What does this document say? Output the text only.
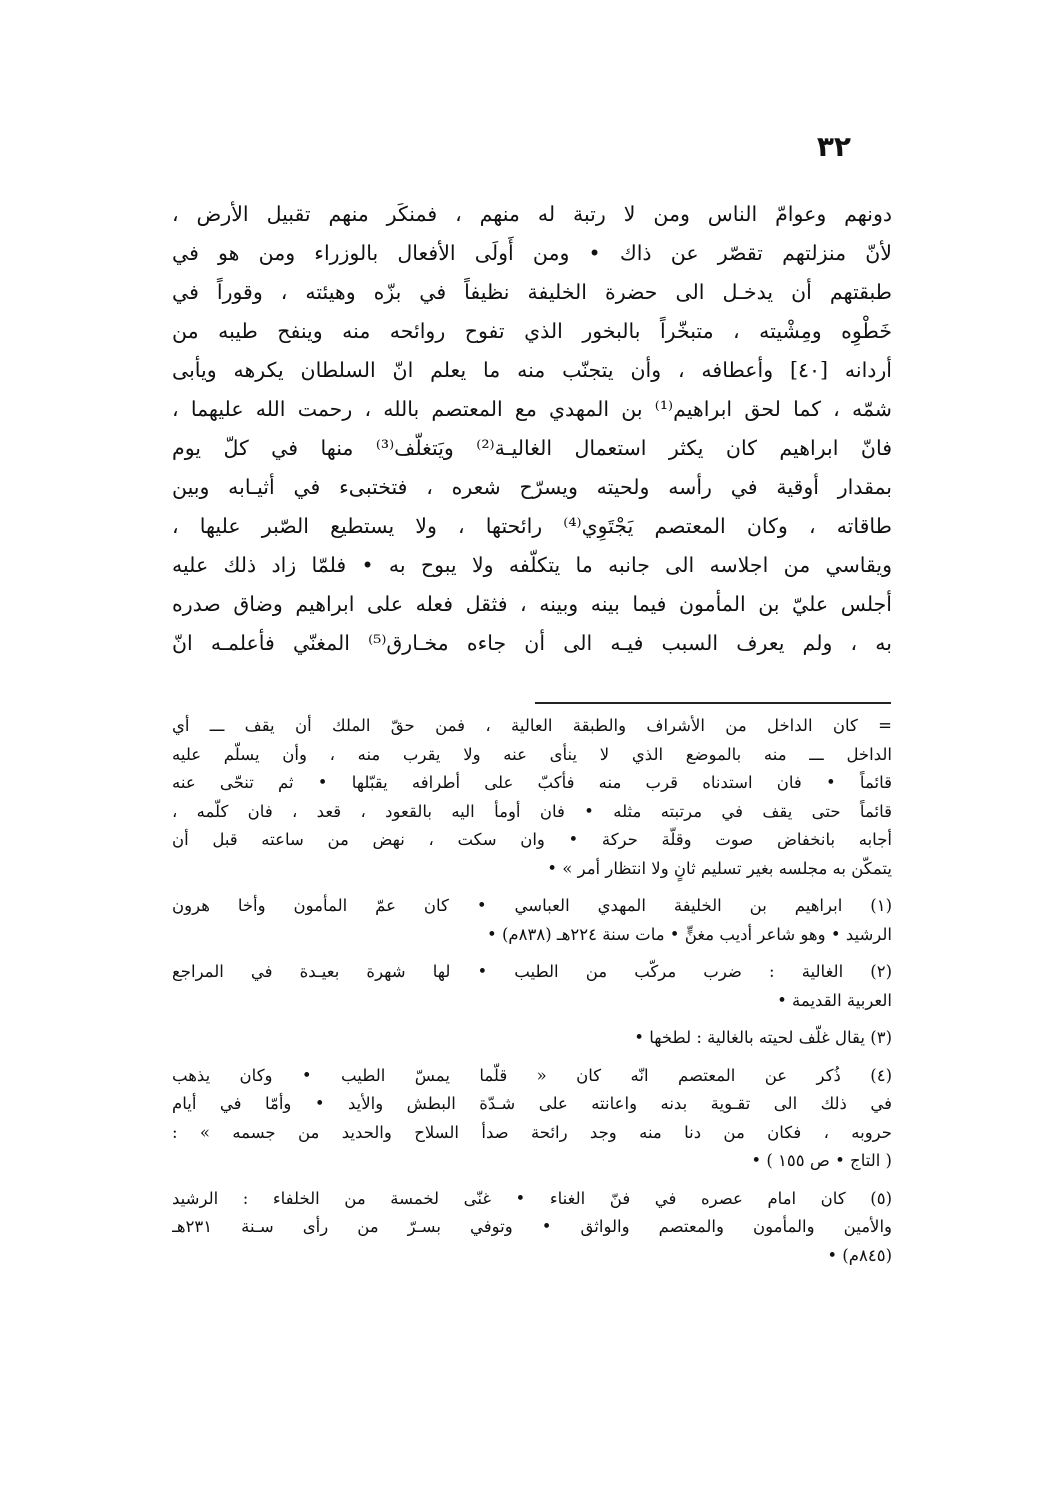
٣٢
دونهم وعوامّ الناس ومن لا رتبة له منهم ، فمنكَر منهم تقبيل الأرض ،
لأنّ منزلتهم تقصّر عن ذاك • ومن أَولَى الأفعال بالوزراء ومن هو في
طبقتهم أن يدخـل الى حضرة الخليفة نظيفاً في بزّه وهيئته ، وقوراً في
خَطْوِه ومِشْيته ، متبخّراً بالبخور الذي تفوح روائحه منه وينفح طيبه من
أردانه [٤٠] وأعطافه ، وأن يتجنّب منه ما يعلم انّ السلطان يكرهه ويأبى
شمّه ، كما لحق ابراهيم⁽¹⁾ بن المهدي مع المعتصم بالله ، رحمت الله عليهما ،
فانّ ابراهيم كان يكثر استعمال الغاليـة⁽²⁾ ويَتغلّف⁽³⁾ منها في كلّ يوم
بمقدار أوقية في رأسه ولحيته ويسرّح شعره ، فتختبىء في أثيـابه وبين
طاقاته ، وكان المعتصم يَجْتَوِي⁽⁴⁾ رائحتها ، ولا يستطيع الصّبر عليها ،
ويقاسي من اجلاسه الى جانبه ما يتكلّفه ولا يبوح به • فلمّا زاد ذلك عليه
أجلس عليّ بن المأمون فيما بينه وبينه ، فثقل فعله على ابراهيم وضاق صدره
به ، ولم يعرف السبب فيـه الى أن جاءه مخـارق⁽⁵⁾ المغنّي فأعلمـه انّ
= كان الداخل من الأشراف والطبقة العالية ، فمن حقّ الملك أن يقف ـــ أي
الداخل ـــ منه بالموضع الذي لا ينأى عنه ولا يقرب منه ، وأن يسلّم عليه
قائماً • فان استدناه قرب منه فأكبّ على أطرافه يقبّلها • ثم تنحّى عنه
قائماً حتى يقف في مرتبته مثله • فان أومأ اليه بالقعود ، قعد ، فان كلّمه ،
أجابه بانخفاض صوت وقلّة حركة • وان سكت ، نهض من ساعته قبل أن
يتمكّن به مجلسه بغير تسليم ثانٍ ولا انتظار أمر » •
(١) ابراهيم بن الخليفة المهدي العباسي • كان عمّ المأمون وأخا هرون
الرشيد • وهو شاعر أديب مغنٍّ • مات سنة ٢٢٤هـ (٨٣٨م) •
(٢) الغالية : ضرب مركّب من الطيب • لها شهرة بعيـدة في المراجع
العربية القديمة •
(٣) يقال غلّف لحيته بالغالية : لطخها •
(٤) ذُكر عن المعتصم انّه كان « قلّما يمسّ الطيب • وكان يذهب
في ذلك الى تقـوية بدنه واعانته على شـدّة البطش والأيد • وأمّا في أيام
حروبه ، فكان من دنا منه وجد رائحة صدأ السلاح والحديد من جسمه » :
( التاج • ص ١٥٥ ) •
(٥) كان امام عصره في فنّ الغناء • غنّى لخمسة من الخلفاء : الرشيد
والأمين والمأمون والمعتصم والواثق • وتوفي بسـرّ من رأى سـنة ٢٣١هـ
(٨٤٥م) •
